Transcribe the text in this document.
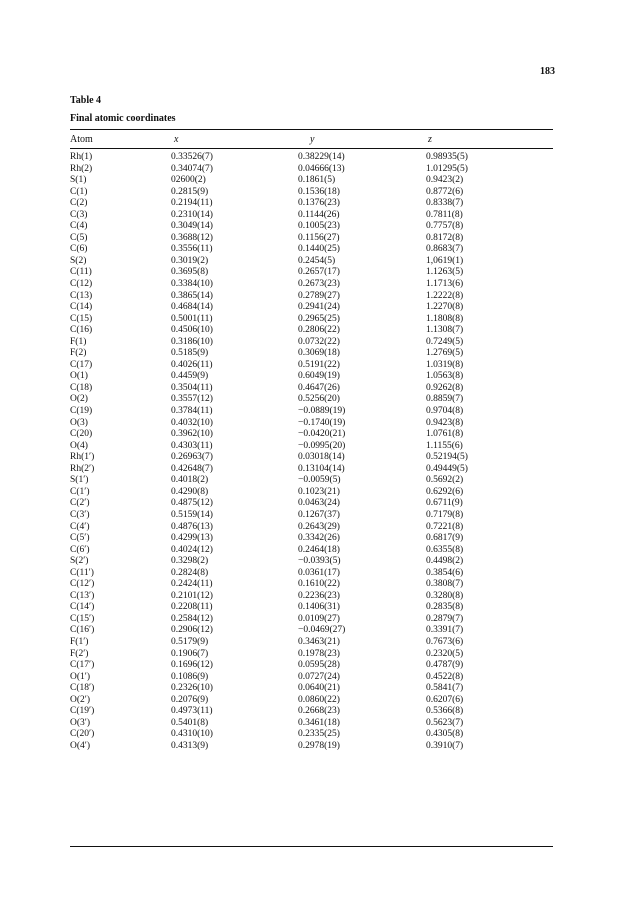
183
Table 4
Final atomic coordinates
Atom	x	y	z
Rh(1)	0.33526(7)	0.38229(14)	0.98935(5)
Rh(2)	0.34074(7)	0.04666(13)	1.01295(5)
S(1)	02600(2)	0.1861(5)	0.9423(2)
C(1)	0.2815(9)	0.1536(18)	0.8772(6)
C(2)	0.2194(11)	0.1376(23)	0.8338(7)
C(3)	0.2310(14)	0.1144(26)	0.7811(8)
C(4)	0.3049(14)	0.1005(23)	0.7757(8)
C(5)	0.3688(12)	0.1156(27)	0.8172(8)
C(6)	0.3556(11)	0.1440(25)	0.8683(7)
S(2)	0.3019(2)	0.2454(5)	1,0619(1)
C(11)	0.3695(8)	0.2657(17)	1.1263(5)
C(12)	0.3384(10)	0.2673(23)	1.1713(6)
C(13)	0.3865(14)	0.2789(27)	1.2222(8)
C(14)	0.4684(14)	0.2941(24)	1.2270(8)
C(15)	0.5001(11)	0.2965(25)	1.1808(8)
C(16)	0.4506(10)	0.2806(22)	1.1308(7)
F(1)	0.3186(10)	0.0732(22)	0.7249(5)
F(2)	0.5185(9)	0.3069(18)	1.2769(5)
C(17)	0.4026(11)	0.5191(22)	1.0319(8)
O(1)	0.4459(9)	0.6049(19)	1.0563(8)
C(18)	0.3504(11)	0.4647(26)	0.9262(8)
O(2)	0.3557(12)	0.5256(20)	0.8859(7)
C(19)	0.3784(11)	−0.0889(19)	0.9704(8)
O(3)	0.4032(10)	−0.1740(19)	0.9423(8)
C(20)	0.3962(10)	−0.0420(21)	1.0761(8)
O(4)	0.4303(11)	−0.0995(20)	1.1155(6)
Rh(1′)	0.26963(7)	0.03018(14)	0.52194(5)
Rh(2′)	0.42648(7)	0.13104(14)	0.49449(5)
S(1′)	0.4018(2)	−0.0059(5)	0.5692(2)
C(1′)	0.4290(8)	0.1023(21)	0.6292(6)
C(2′)	0.4875(12)	0.0463(24)	0.6711(9)
C(3′)	0.5159(14)	0.1267(37)	0.7179(8)
C(4′)	0.4876(13)	0.2643(29)	0.7221(8)
C(5′)	0.4299(13)	0.3342(26)	0.6817(9)
C(6′)	0.4024(12)	0.2464(18)	0.6355(8)
S(2′)	0.3298(2)	−0.0393(5)	0.4498(2)
C(11′)	0.2824(8)	0.0361(17)	0.3854(6)
C(12′)	0.2424(11)	0.1610(22)	0.3808(7)
C(13′)	0.2101(12)	0.2236(23)	0.3280(8)
C(14′)	0.2208(11)	0.1406(31)	0.2835(8)
C(15′)	0.2584(12)	0.0109(27)	0.2879(7)
C(16′)	0.2906(12)	−0.0469(27)	0.3391(7)
F(1′)	0.5179(9)	0.3463(21)	0.7673(6)
F(2′)	0.1906(7)	0.1978(23)	0.2320(5)
C(17′)	0.1696(12)	0.0595(28)	0.4787(9)
O(1′)	0.1086(9)	0.0727(24)	0.4522(8)
C(18′)	0.2326(10)	0.0640(21)	0.5841(7)
O(2′)	0.2076(9)	0.0860(22)	0.6207(6)
C(19′)	0.4973(11)	0.2668(23)	0.5366(8)
O(3′)	0.5401(8)	0.3461(18)	0.5623(7)
C(20′)	0.4310(10)	0.2335(25)	0.4305(8)
O(4′)	0.4313(9)	0.2978(19)	0.3910(7)
